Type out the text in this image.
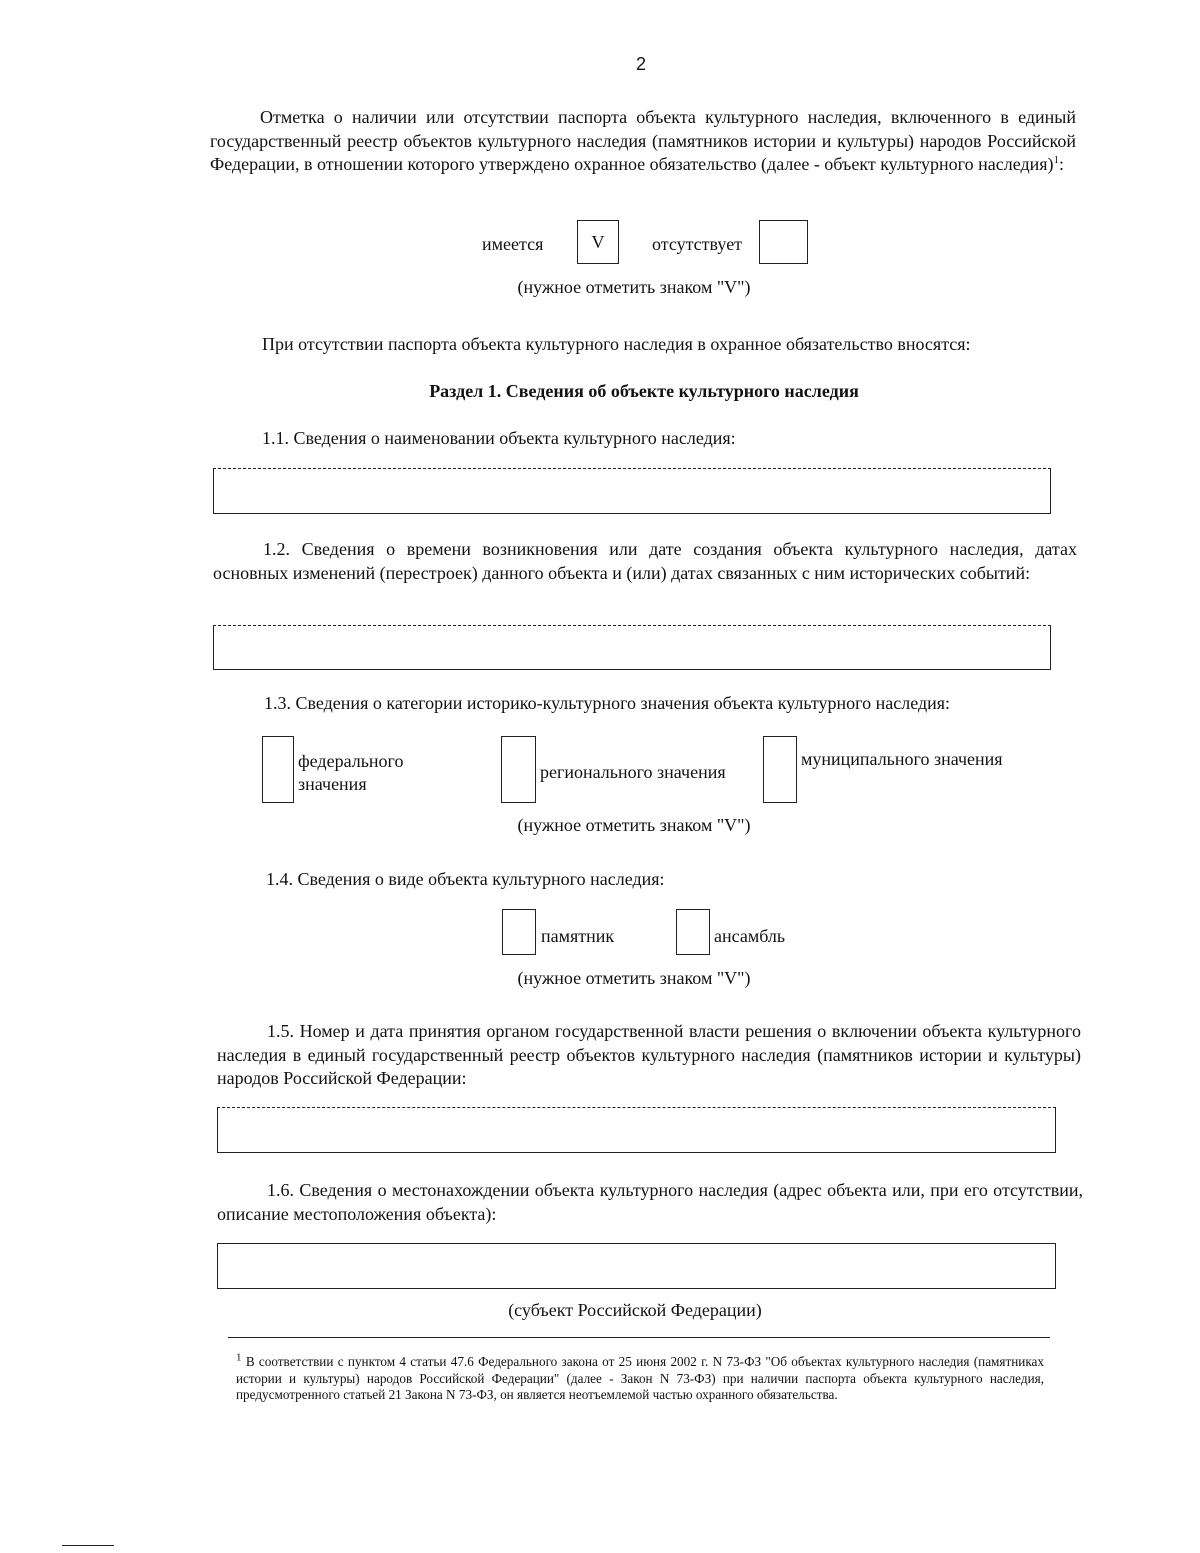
2
Отметка о наличии или отсутствии паспорта объекта культурного наследия, включенного в единый государственный реестр объектов культурного наследия (памятников истории и культуры) народов Российской Федерации, в отношении которого утверждено охранное обязательство (далее - объект культурного наследия)$^1$:
имеется	V	отсутствует
(нужное отметить знаком "V")
При отсутствии паспорта объекта культурного наследия в охранное обязательство вносятся:
Раздел 1. Сведения об объекте культурного наследия
1.1. Сведения о наименовании объекта культурного наследия:
1.2. Сведения о времени возникновения или дате создания объекта культурного наследия, датах основных изменений (перестроек) данного объекта и (или) датах связанных с ним исторических событий:
1.3. Сведения о категории историко-культурного значения объекта культурного наследия:
федерального
значения
регионального значения
муниципального значения
(нужное отметить знаком "V")
1.4. Сведения о виде объекта культурного наследия:
памятник	ансамбль
(нужное отметить знаком "V")
1.5. Номер и дата принятия органом государственной власти решения о включении объекта культурного наследия в единый государственный реестр объектов культурного наследия (памятников истории и культуры) народов Российской Федерации:
1.6. Сведения о местонахождении объекта культурного наследия (адрес объекта или, при его отсутствии, описание местоположения объекта):
(субъект Российской Федерации)
$^1$ В соответствии с пунктом 4 статьи 47.6 Федерального закона от 25 июня 2002 г. N 73-ФЗ "Об объектах культурного наследия (памятниках истории и культуры) народов Российской Федерации" (далее - Закон N 73-ФЗ) при наличии паспорта объекта культурного наследия, предусмотренного статьей 21 Закона N 73-ФЗ, он является неотъемлемой частью охранного обязательства.
